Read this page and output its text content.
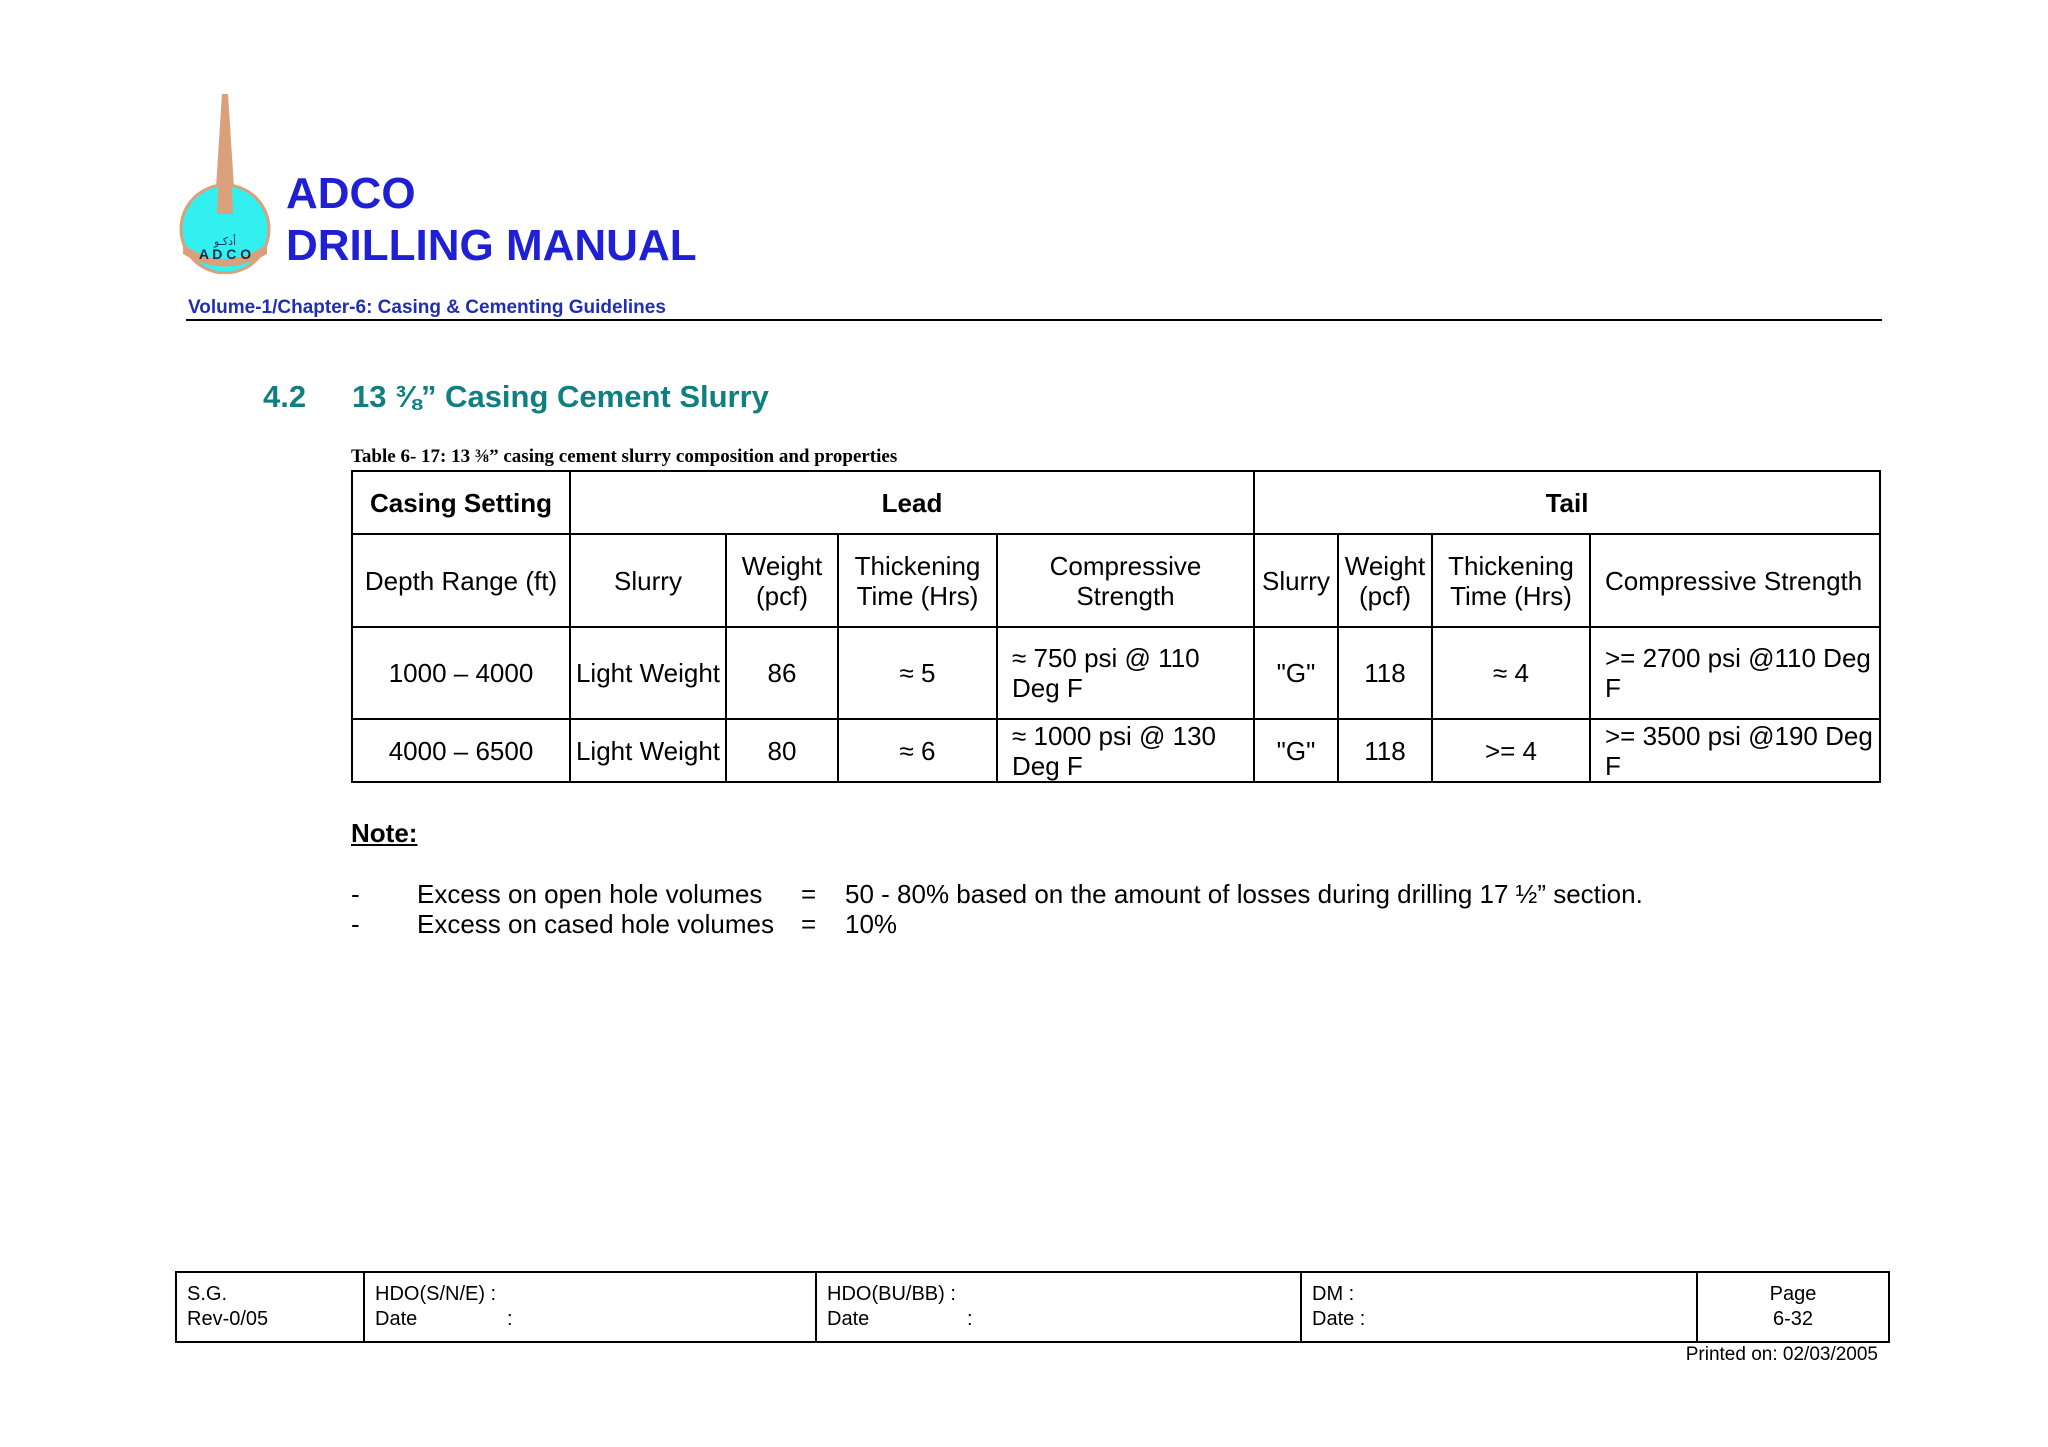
أدكـو
A D C O
ADCO
DRILLING MANUAL
Volume-1/Chapter-6: Casing & Cementing Guidelines
4.2 13 ⅜” Casing Cement Slurry
Table 6- 17: 13 ⅜” casing cement slurry composition and properties
Casing Setting	Lead				Tail			
Depth Range (ft)	Slurry	Weight (pcf)	Thickening Time (Hrs)	Compressive Strength	Slurry	Weight (pcf)	Thickening Time (Hrs)	Compressive Strength
1000 – 4000	Light Weight	86	≈ 5	≈ 750 psi @ 110 Deg F	"G"	118	≈ 4	>= 2700 psi @110 Deg F
4000 – 6500	Light Weight	80	≈ 6	≈ 1000 psi @ 130 Deg F	"G"	118	>= 4	>= 3500 psi @190 Deg F
Note:
- Excess on open hole volumes = 50 - 80% based on the amount of losses during drilling 17 ½” section.
- Excess on cased hole volumes = 10%
S.G.
Rev-0/05

HDO(S/N/E) :
Date	:

HDO(BU/BB) :
Date	:

DM :
Date :

Page
6-32
Printed on: 02/03/2005
